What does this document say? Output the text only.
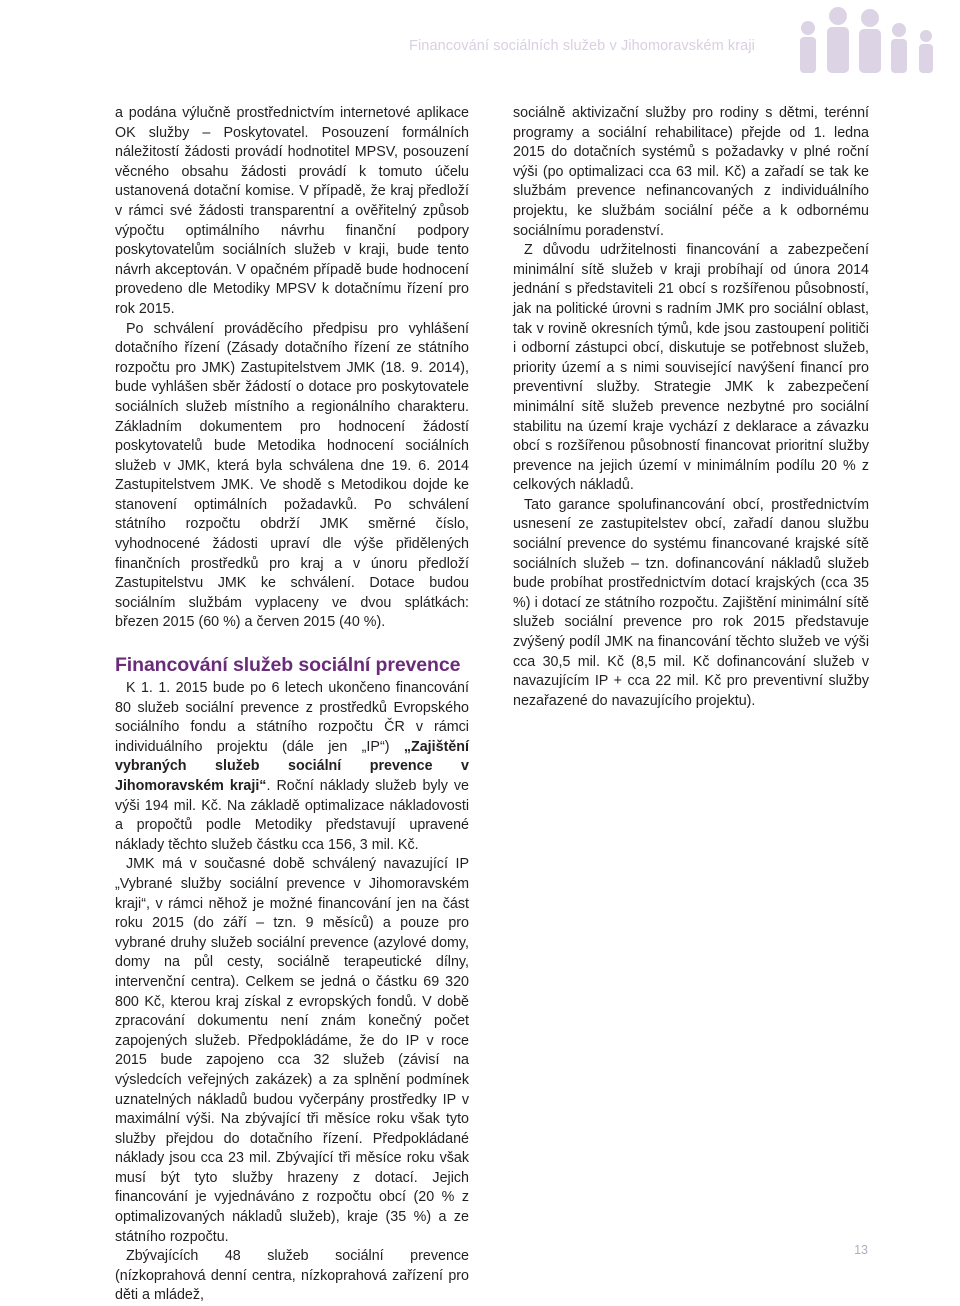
Financování sociálních služeb v Jihomoravském kraji

a podána výlučně prostřednictvím internetové aplikace OK služby – Poskytovatel. Posouzení formálních náležitostí žádosti provádí hodnotitel MPSV, posouzení věcného obsahu žádosti provádí k tomuto účelu ustanovená dotační komise. V případě, že kraj předloží v rámci své žádosti transparentní a ověřitelný způsob výpočtu optimálního návrhu finanční podpory poskytovatelům sociálních služeb v kraji, bude tento návrh akceptován. V opačném případě bude hodnocení provedeno dle Metodiky MPSV k dotačnímu řízení pro rok 2015.

Po schválení prováděcího předpisu pro vyhlášení dotačního řízení (Zásady dotačního řízení ze státního rozpočtu pro JMK) Zastupitelstvem JMK (18. 9. 2014), bude vyhlášen sběr žádostí o dotace pro poskytovatele sociálních služeb místního a regionálního charakteru. Základním dokumentem pro hodnocení žádostí poskytovatelů bude Metodika hodnocení sociálních služeb v JMK, která byla schválena dne 19. 6. 2014 Zastupitelstvem JMK. Ve shodě s Metodikou dojde ke stanovení optimálních požadavků. Po schválení státního rozpočtu obdrží JMK směrné číslo, vyhodnocené žádosti upraví dle výše přidělených finančních prostředků pro kraj a v únoru předloží Zastupitelstvu JMK ke schválení. Dotace budou sociálním službám vyplaceny ve dvou splátkách: březen 2015 (60 %) a červen 2015 (40 %).

Financování služeb sociální prevence

K 1. 1. 2015 bude po 6 letech ukončeno financování 80 služeb sociální prevence z prostředků Evropského sociálního fondu a státního rozpočtu ČR v rámci individuálního projektu (dále jen „IP“) „Zajištění vybraných služeb sociální prevence v Jihomoravském kraji“. Roční náklady služeb byly ve výši 194 mil. Kč. Na základě optimalizace nákladovosti a propočtů podle Metodiky představují upravené náklady těchto služeb částku cca 156, 3 mil. Kč.

JMK má v současné době schválený navazující IP „Vybrané služby sociální prevence v Jihomoravském kraji“, v rámci něhož je možné financování jen na část roku 2015 (do září – tzn. 9 měsíců) a pouze pro vybrané druhy služeb sociální prevence (azylové domy, domy na půl cesty, sociálně terapeutické dílny, intervenční centra). Celkem se jedná o částku 69 320 800 Kč, kterou kraj získal z evropských fondů. V době zpracování dokumentu není znám konečný počet zapojených služeb. Předpokládáme, že do IP v roce 2015 bude zapojeno cca 32 služeb (závisí na výsledcích veřejných zakázek) a za splnění podmínek uznatelných nákladů budou vyčerpány prostředky IP v maximální výši. Na zbývající tři měsíce roku však tyto služby přejdou do dotačního řízení. Předpokládané náklady jsou cca 23 mil. Zbývající tři měsíce roku však musí být tyto služby hrazeny z dotací. Jejich financování je vyjednáváno z rozpočtu obcí (20 % z optimalizovaných nákladů služeb), kraje (35 %) a ze státního rozpočtu.

Zbývajících 48 služeb sociální prevence (nízkoprahová denní centra, nízkoprahová zařízení pro děti a mládež,

sociálně aktivizační služby pro rodiny s dětmi, terénní programy a sociální rehabilitace) přejde od 1. ledna 2015 do dotačních systémů s požadavky v plné roční výši (po optimalizaci cca 63 mil. Kč) a zařadí se tak ke službám prevence nefinancovaných z individuálního projektu, ke službám sociální péče a k odbornému sociálnímu poradenství.

Z důvodu udržitelnosti financování a zabezpečení minimální sítě služeb v kraji probíhají od února 2014 jednání s představiteli 21 obcí s rozšířenou působností, jak na politické úrovni s radním JMK pro sociální oblast, tak v rovině okresních týmů, kde jsou zastoupení političi i odborní zástupci obcí, diskutuje se potřebnost služeb, priority území a s nimi související navýšení financí pro preventivní služby. Strategie JMK k zabezpečení minimální sítě služeb prevence nezbytné pro sociální stabilitu na území kraje vychází z deklarace a závazku obcí s rozšířenou působností financovat prioritní služby prevence na jejich území v minimálním podílu 20 % z celkových nákladů.

Tato garance spolufinancování obcí, prostřednictvím usnesení ze zastupitelstev obcí, zařadí danou službu sociální prevence do systému financované krajské sítě sociálních služeb – tzn. dofinancování nákladů služeb bude probíhat prostřednictvím dotací krajských (cca 35 %) i dotací ze státního rozpočtu. Zajištění minimální sítě služeb sociální prevence pro rok 2015 představuje zvýšený podíl JMK na financování těchto služeb ve výši cca 30,5 mil. Kč (8,5 mil. Kč dofinancování služeb v navazujícím IP + cca 22 mil. Kč pro preventivní služby nezařazené do navazujícího projektu).

13
